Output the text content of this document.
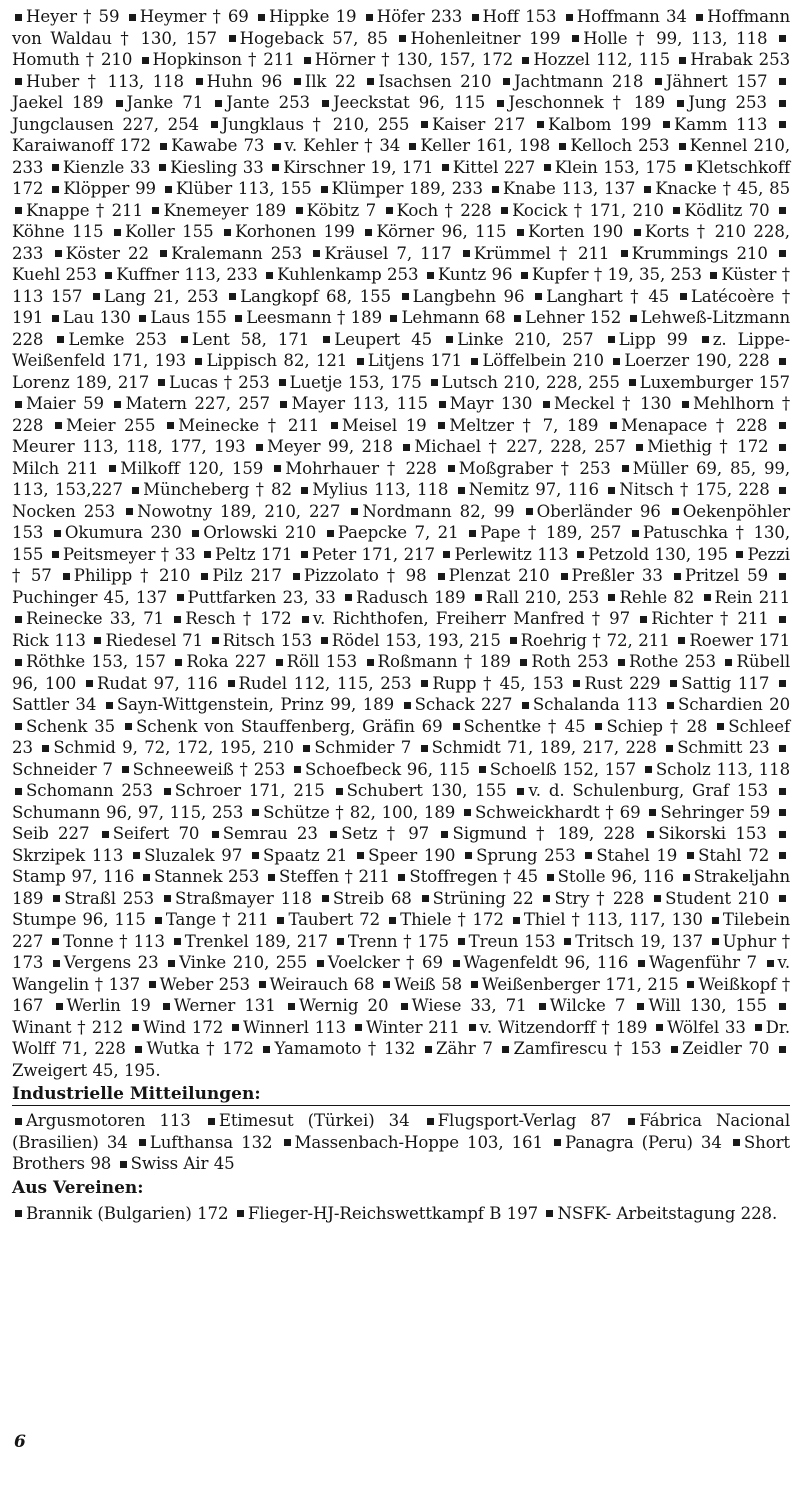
Heyer † 59 Heymer † 69 Hippke 19 Höfer 233 Hoff 153 Hoffmann 34 Hoffmann von Waldau † 130, 157 Hogeback 57, 85 Hohenleitner 199 Holle † 99, 113, 118 Homuth † 210 Hopkinson † 211 Hörner † 130, 157, 172 Hozzel 112, 115 Hrabak 253 Huber † 113, 118 Huhn 96 Ilk 22 Isachsen 210 Jachtmann 218 Jähnert 157 Jaekel 189 Janke 71 Jante 253 Jeeckstat 96, 115 Jeschonnek † 189 Jung 253 Jungclausen 227, 254 Jungklaus † 210, 255 Kaiser 217 Kalbom 199 Kamm 113 Karaiwanoff 172 Kawabe 73 v. Kehler † 34 Keller 161, 198 Kelloch 253 Kennel 210, 233 Kienzle 33 Kiesling 33 Kirschner 19, 171 Kittel 227 Klein 153, 175 Kletschkoff 172 Klöpper 99 Klüber 113, 155 Klümper 189, 233 Knabe 113, 137 Knacke † 45, 85 Knappe † 211 Knemeyer 189 Köbitz 7 Koch † 228 Kocick † 171, 210 Ködlitz 70 Köhne 115 Koller 155 Korhonen 199 Körner 96, 115 Korten 190 Korts † 210 228, 233 Köster 22 Kralemann 253 Kräusel 7, 117 Krümmel † 211 Krummings 210 Kuehl 253 Kuffner 113, 233 Kuhlenkamp 253 Kuntz 96 Kupfer † 19, 35, 253 Küster † 113 157 Lang 21, 253 Langkopf 68, 155 Langbehn 96 Langhart † 45 Latécoère † 191 Lau 130 Laus 155 Leesmann † 189 Lehmann 68 Lehner 152 Lehweß-Litzmann 228 Lemke 253 Lent 58, 171 Leupert 45 Linke 210, 257 Lipp 99 z. Lippe-Weißenfeld 171, 193 Lippisch 82, 121 Litjens 171 Löffelbein 210 Loerzer 190, 228 Lorenz 189, 217 Lucas † 253 Luetje 153, 175 Lutsch 210, 228, 255 Luxemburger 157 Maier 59 Matern 227, 257 Mayer 113, 115 Mayr 130 Meckel † 130 Mehlhorn † 228 Meier 255 Meinecke † 211 Meisel 19 Meltzer † 7, 189 Menapace † 228 Meurer 113, 118, 177, 193 Meyer 99, 218 Michael † 227, 228, 257 Miethig † 172 Milch 211 Milkoff 120, 159 Mohrhauer † 228 Moßgraber † 253 Müller 69, 85, 99, 113, 153,227 Müncheberg † 82 Mylius 113, 118 Nemitz 97, 116 Nitsch † 175, 228 Nocken 253 Nowotny 189, 210, 227 Nordmann 82, 99 Oberländer 96 Oekenpöhler 153 Okumura 230 Orlowski 210 Paepcke 7, 21 Pape † 189, 257 Patuschka † 130, 155 Peitsmeyer † 33 Peltz 171 Peter 171, 217 Perlewitz 113 Petzold 130, 195 Pezzi † 57 Philipp † 210 Pilz 217 Pizzolato † 98 Plenzat 210 Preßler 33 Pritzel 59 Puchinger 45, 137 Puttfarken 23, 33 Radusch 189 Rall 210, 253 Rehle 82 Rein 211 Reinecke 33, 71 Resch † 172 v. Richthofen, Freiherr Manfred † 97 Richter † 211 Rick 113 Riedesel 71 Ritsch 153 Rödel 153, 193, 215 Roehrig † 72, 211 Roewer 171 Röthke 153, 157 Roka 227 Röll 153 Roßmann † 189 Roth 253 Rothe 253 Rübell 96, 100 Rudat 97, 116 Rudel 112, 115, 253 Rupp † 45, 153 Rust 229 Sattig 117 Sattler 34 Sayn-Wittgenstein, Prinz 99, 189 Schack 227 Schalanda 113 Schardien 20 Schenk 35 Schenk von Stauffenberg, Gräfin 69 Schentke † 45 Schiep † 28 Schleef 23 Schmid 9, 72, 172, 195, 210 Schmider 7 Schmidt 71, 189, 217, 228 Schmitt 23 Schneider 7 Schneeweiß † 253 Schoefbeck 96, 115 Schoelß 152, 157 Scholz 113, 118 Schomann 253 Schroer 171, 215 Schubert 130, 155 v. d. Schulenburg, Graf 153 Schumann 96, 97, 115, 253 Schütze † 82, 100, 189 Schweickhardt † 69 Sehringer 59 Seib 227 Seifert 70 Semrau 23 Setz † 97 Sigmund † 189, 228 Sikorski 153 Skrzipek 113 Sluzalek 97 Spaatz 21 Speer 190 Sprung 253 Stahel 19 Stahl 72 Stamp 97, 116 Stannek 253 Steffen † 211 Stoffregen † 45 Stolle 96, 116 Strakeljahn 189 Straßl 253 Straßmayer 118 Streib 68 Strüning 22 Stry † 228 Student 210 Stumpe 96, 115 Tange † 211 Taubert 72 Thiele † 172 Thiel † 113, 117, 130 Tilebein 227 Tonne † 113 Trenkel 189, 217 Trenn † 175 Treun 153 Tritsch 19, 137 Uphur † 173 Vergens 23 Vinke 210, 255 Voelcker † 69 Wagenfeldt 96, 116 Wagenführ 7 v. Wangelin † 137 Weber 253 Weirauch 68 Weiß 58 Weißenberger 171, 215 Weißkopf † 167 Werlin 19 Werner 131 Wernig 20 Wiese 33, 71 Wilcke 7 Will 130, 155 Winant † 212 Wind 172 Winnerl 113 Winter 211 v. Witzendorff † 189 Wölfel 33 Dr. Wolff 71, 228 Wutka † 172 Yamamoto † 132 Zähr 7 Zamfirescu † 153 Zeidler 70 Zweigert 45, 195.

Industrielle Mitteilungen:

Argusmotoren 113 Etimesut (Türkei) 34 Flugsport-Verlag 87 Fábrica Nacional (Brasilien) 34 Lufthansa 132 Massenbach-Hoppe 103, 161 Panagra (Peru) 34 Short Brothers 98 Swiss Air 45

Aus Vereinen:

Brannik (Bulgarien) 172 Flieger-HJ-Reichswettkampf B 197 NSFK- Arbeitstagung 228.

6
